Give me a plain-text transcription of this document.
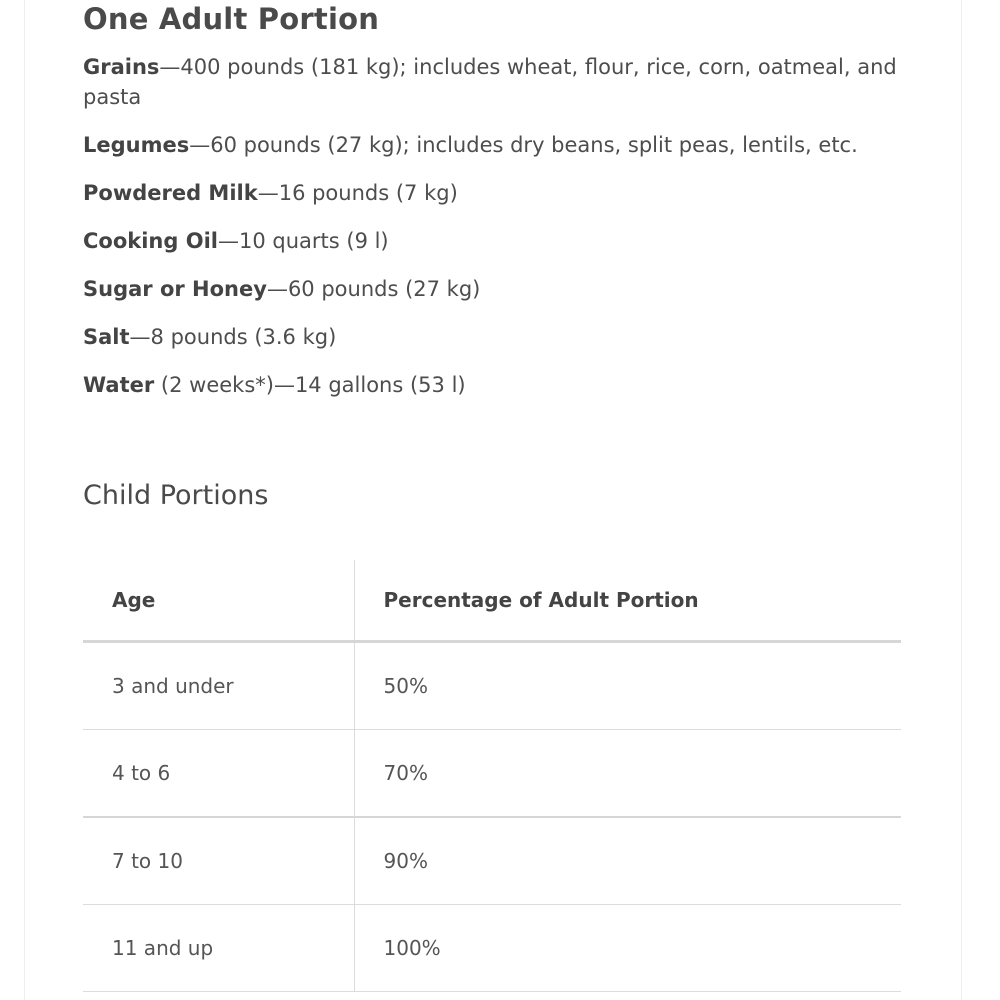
One Adult Portion
Grains—400 pounds (181 kg); includes wheat, flour, rice, corn, oatmeal, and pasta
Legumes—60 pounds (27 kg); includes dry beans, split peas, lentils, etc.
Powdered Milk—16 pounds (7 kg)
Cooking Oil—10 quarts (9 l)
Sugar or Honey—60 pounds (27 kg)
Salt—8 pounds (3.6 kg)
Water (2 weeks*)—14 gallons (53 l)
Child Portions
Age	Percentage of Adult Portion
3 and under	50%
4 to 6	70%
7 to 10	90%
11 and up	100%
